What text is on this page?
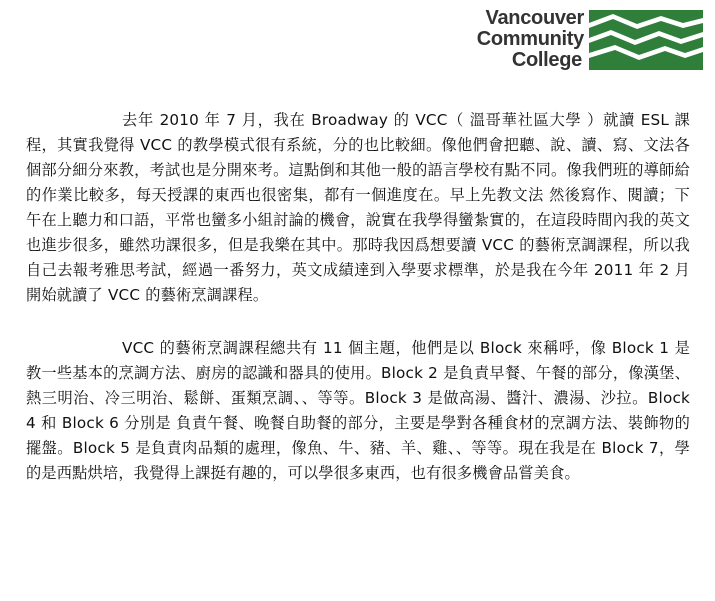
Vancouver
Community
College

去年 2010 年 7 月，我在 Broadway 的 VCC（ 溫哥華社區大學 ）就讀 ESL 課程，其實我覺得 VCC 的教學模式很有系統，分的也比較細。像他們會把聽、說、讀、寫、文法各個部分細分來教，考試也是分開來考。這點倒和其他一般的語言學校有點不同。像我們班的導師給的作業比較多，每天授課的東西也很密集，都有一個進度在。早上先教文法 然後寫作、閱讀；下午在上聽力和口語，平常也蠻多小組討論的機會，說實在我學得蠻紮實的，在這段時間內我的英文也進步很多，雖然功課很多，但是我樂在其中。那時我因爲想要讀 VCC 的藝術烹調課程，所以我自己去報考雅思考試，經過一番努力，英文成績達到入學要求標準，於是我在今年 2011 年 2 月開始就讀了 VCC 的藝術烹調課程。

VCC 的藝術烹調課程總共有 11 個主題，他們是以 Block 來稱呼，像 Block 1 是教一些基本的烹調方法、廚房的認識和器具的使用。Block 2 是負責早餐、午餐的部分，像漢堡、熱三明治、冷三明治、鬆餅、蛋類烹調、、等等。Block 3 是做高湯、醬汁、濃湯、沙拉。Block 4 和 Block 6 分別是 負責午餐、晚餐自助餐的部分，主要是學對各種食材的烹調方法、裝飾物的擺盤。Block 5 是負責肉品類的處理，像魚、牛、豬、羊、雞、、等等。現在我是在 Block 7，學的是西點烘培，我覺得上課挺有趣的，可以學很多東西，也有很多機會品嘗美食。
